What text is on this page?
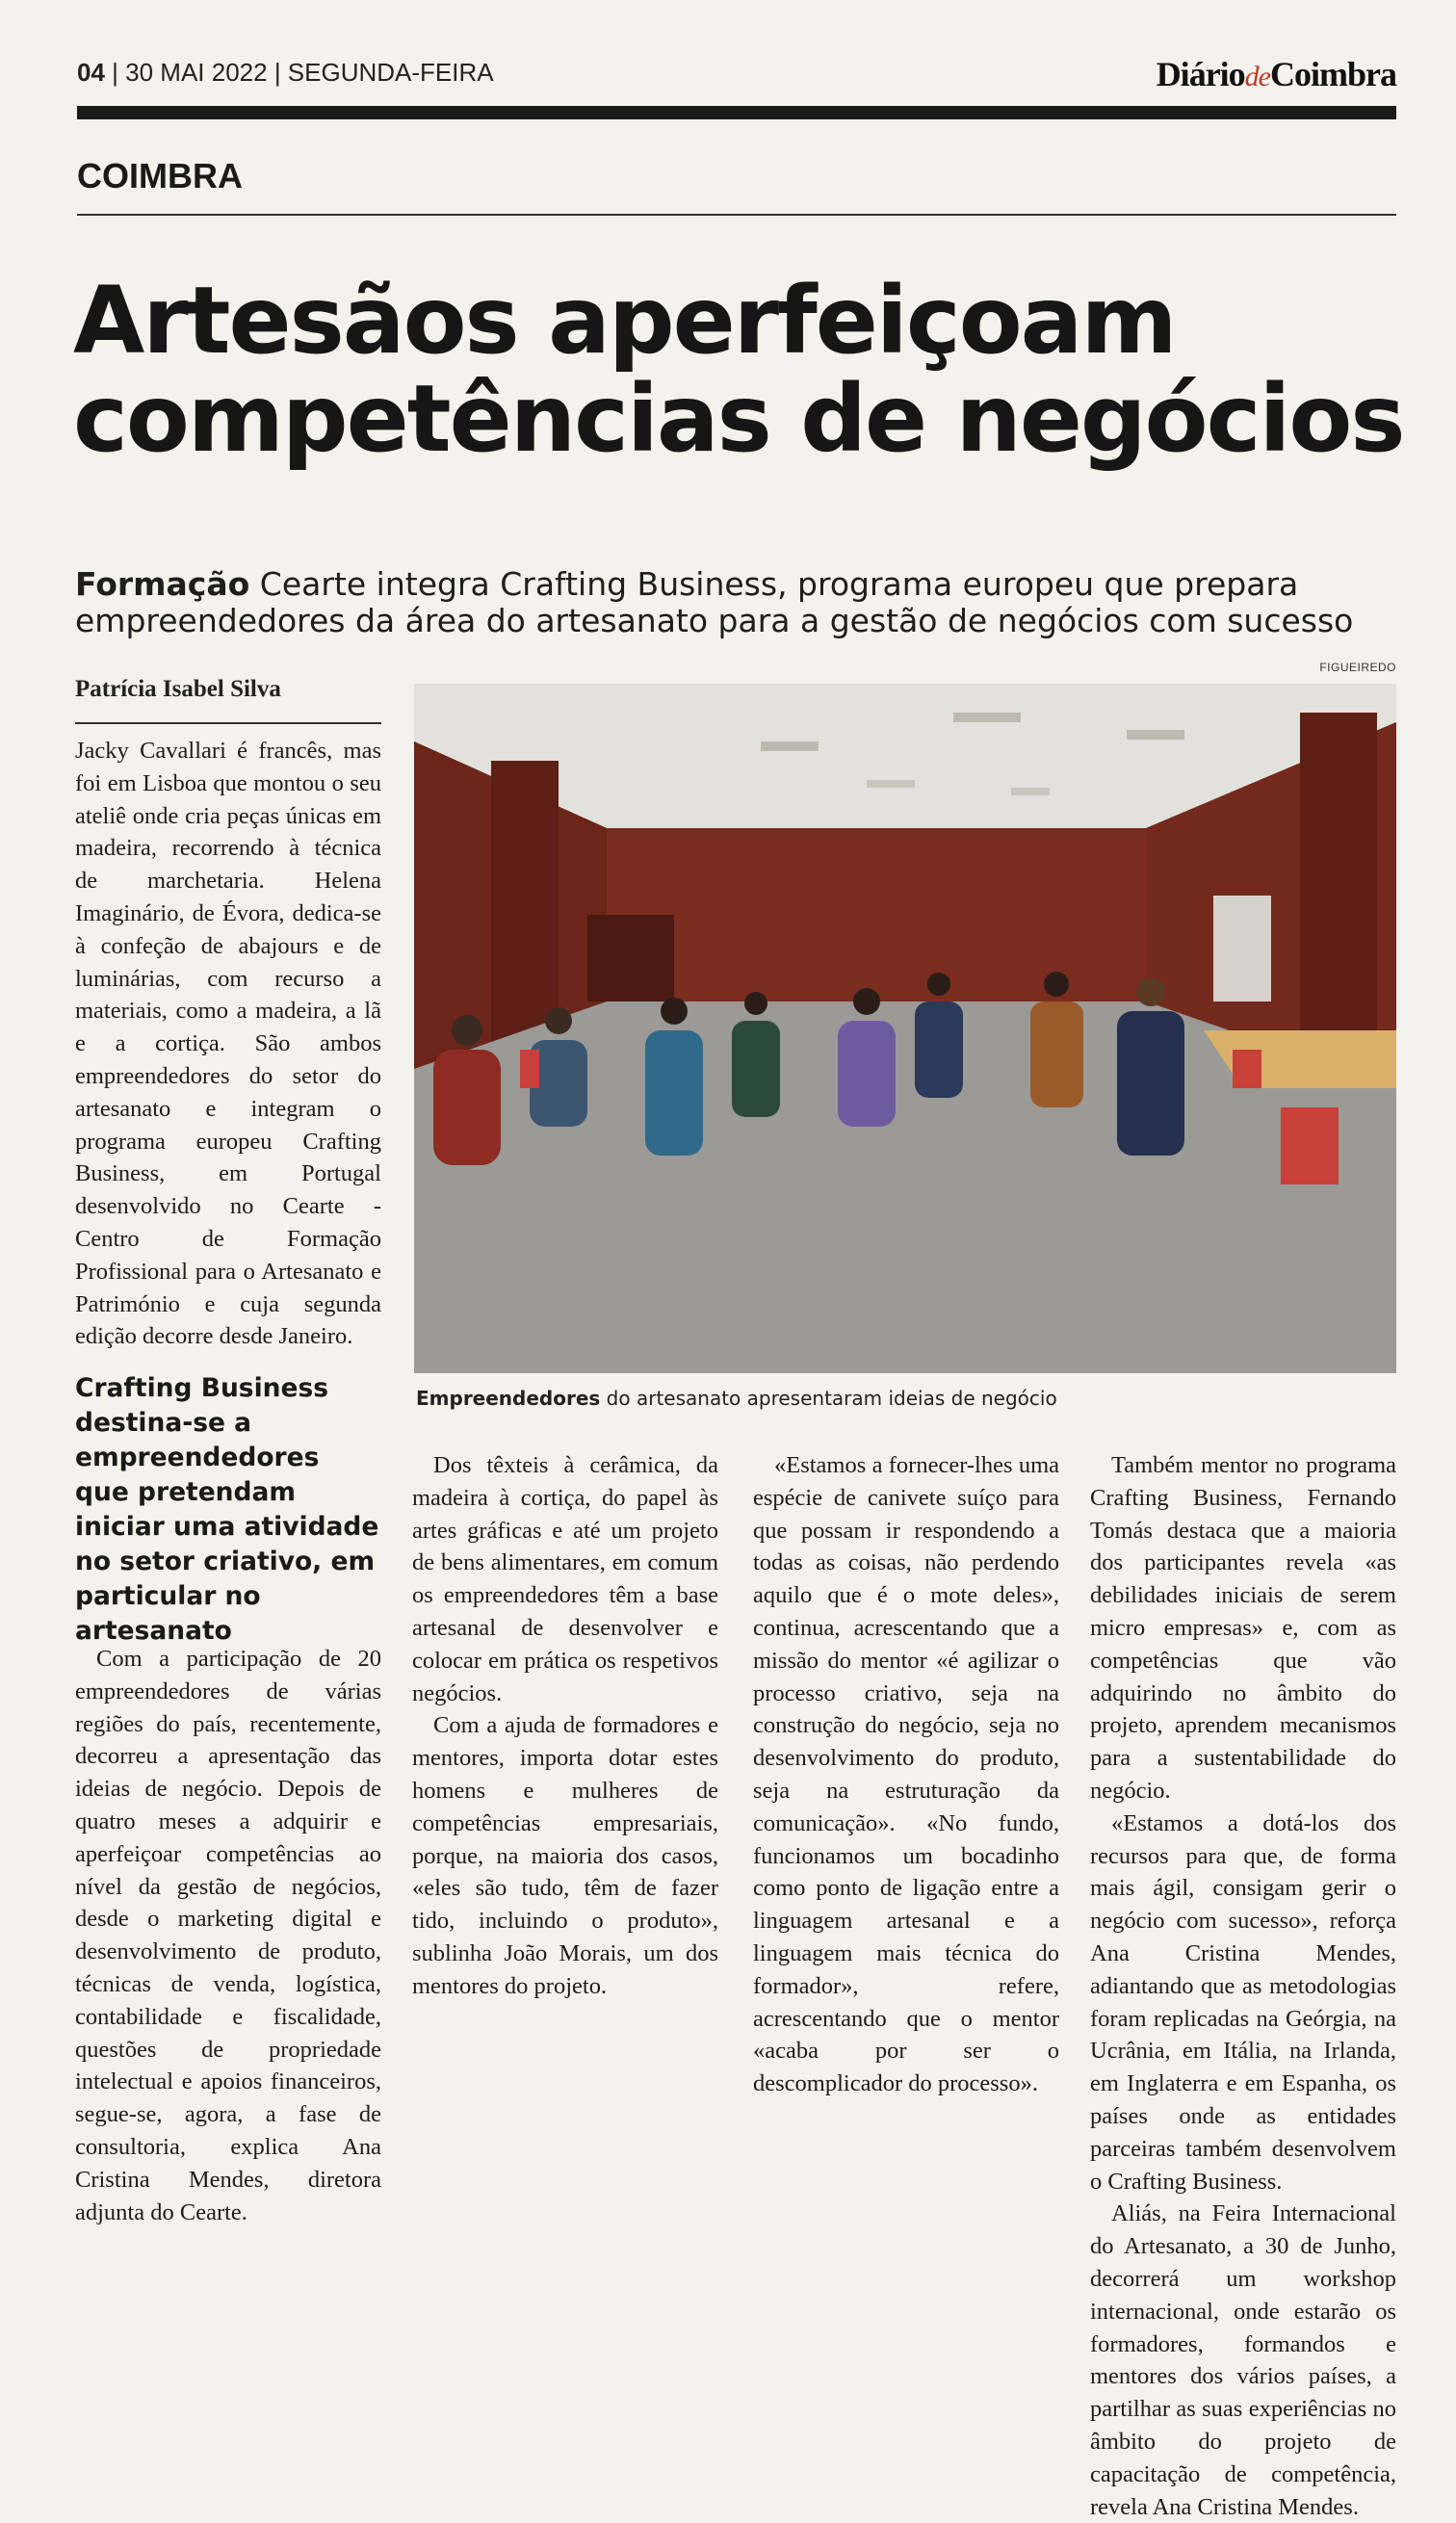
04 | 30 MAI 2022 | SEGUNDA-FEIRA	DiáriodeCoimbra
COIMBRA
Artesãos aperfeiçoam
competências de negócios
Formação Cearte integra Crafting Business, programa europeu que prepara empreendedores da área do artesanato para a gestão de negócios com sucesso
Patrícia Isabel Silva
FIGUEIREDO
Empreendedores do artesanato apresentaram ideias de negócio

Jacky Cavallari é francês, mas foi em Lisboa que montou o seu ateliê onde cria peças únicas em madeira, recorrendo à técnica de marchetaria. Helena Imaginário, de Évora, dedica-se à confeção de abajours e de luminárias, com recurso a materiais, como a madeira, a lã e a cortiça. São ambos empreendedores do setor do artesanato e integram o programa europeu Crafting Business, em Portugal desenvolvido no Cearte - Centro de Formação Profissional para o Artesanato e Património e cuja segunda edição decorre desde Janeiro.

Crafting Business destina-se a empreendedores que pretendam iniciar uma atividade no setor criativo, em particular no artesanato

Com a participação de 20 empreendedores de várias regiões do país, recentemente, decorreu a apresentação das ideias de negócio. Depois de quatro meses a adquirir e aperfeiçoar competências ao nível da gestão de negócios, desde o marketing digital e desenvolvimento de produto, técnicas de venda, logística, contabilidade e fiscalidade, questões de propriedade intelectual e apoios financeiros, segue-se, agora, a fase de consultoria, explica Ana Cristina Mendes, diretora adjunta do Cearte.

Dos têxteis à cerâmica, da madeira à cortiça, do papel às artes gráficas e até um projeto de bens alimentares, em comum os empreendedores têm a base artesanal de desenvolver e colocar em prática os respetivos negócios.

Com a ajuda de formadores e mentores, importa dotar estes homens e mulheres de competências empresariais, porque, na maioria dos casos, «eles são tudo, têm de fazer tido, incluindo o produto», sublinha João Morais, um dos mentores do projeto.

«Estamos a fornecer-lhes uma espécie de canivete suíço para que possam ir respondendo a todas as coisas, não perdendo aquilo que é o mote deles», continua, acrescentando que a missão do mentor «é agilizar o processo criativo, seja na construção do negócio, seja no desenvolvimento do produto, seja na estruturação da comunicação». «No fundo, funcionamos um bocadinho como ponto de ligação entre a linguagem artesanal e a linguagem mais técnica do formador», refere, acrescentando que o mentor «acaba por ser o descomplicador do processo».

Também mentor no programa Crafting Business, Fernando Tomás destaca que a maioria dos participantes revela «as debilidades iniciais de serem micro empresas» e, com as competências que vão adquirindo no âmbito do projeto, aprendem mecanismos para a sustentabilidade do negócio.

«Estamos a dotá-los dos recursos para que, de forma mais ágil, consigam gerir o negócio com sucesso», reforça Ana Cristina Mendes, adiantando que as metodologias foram replicadas na Geórgia, na Ucrânia, em Itália, na Irlanda, em Inglaterra e em Espanha, os países onde as entidades parceiras também desenvolvem o Crafting Business.

Aliás, na Feira Internacional do Artesanato, a 30 de Junho, decorrerá um workshop internacional, onde estarão os formadores, formandos e mentores dos vários países, a partilhar as suas experiências no âmbito do projeto de capacitação de competência, revela Ana Cristina Mendes.
